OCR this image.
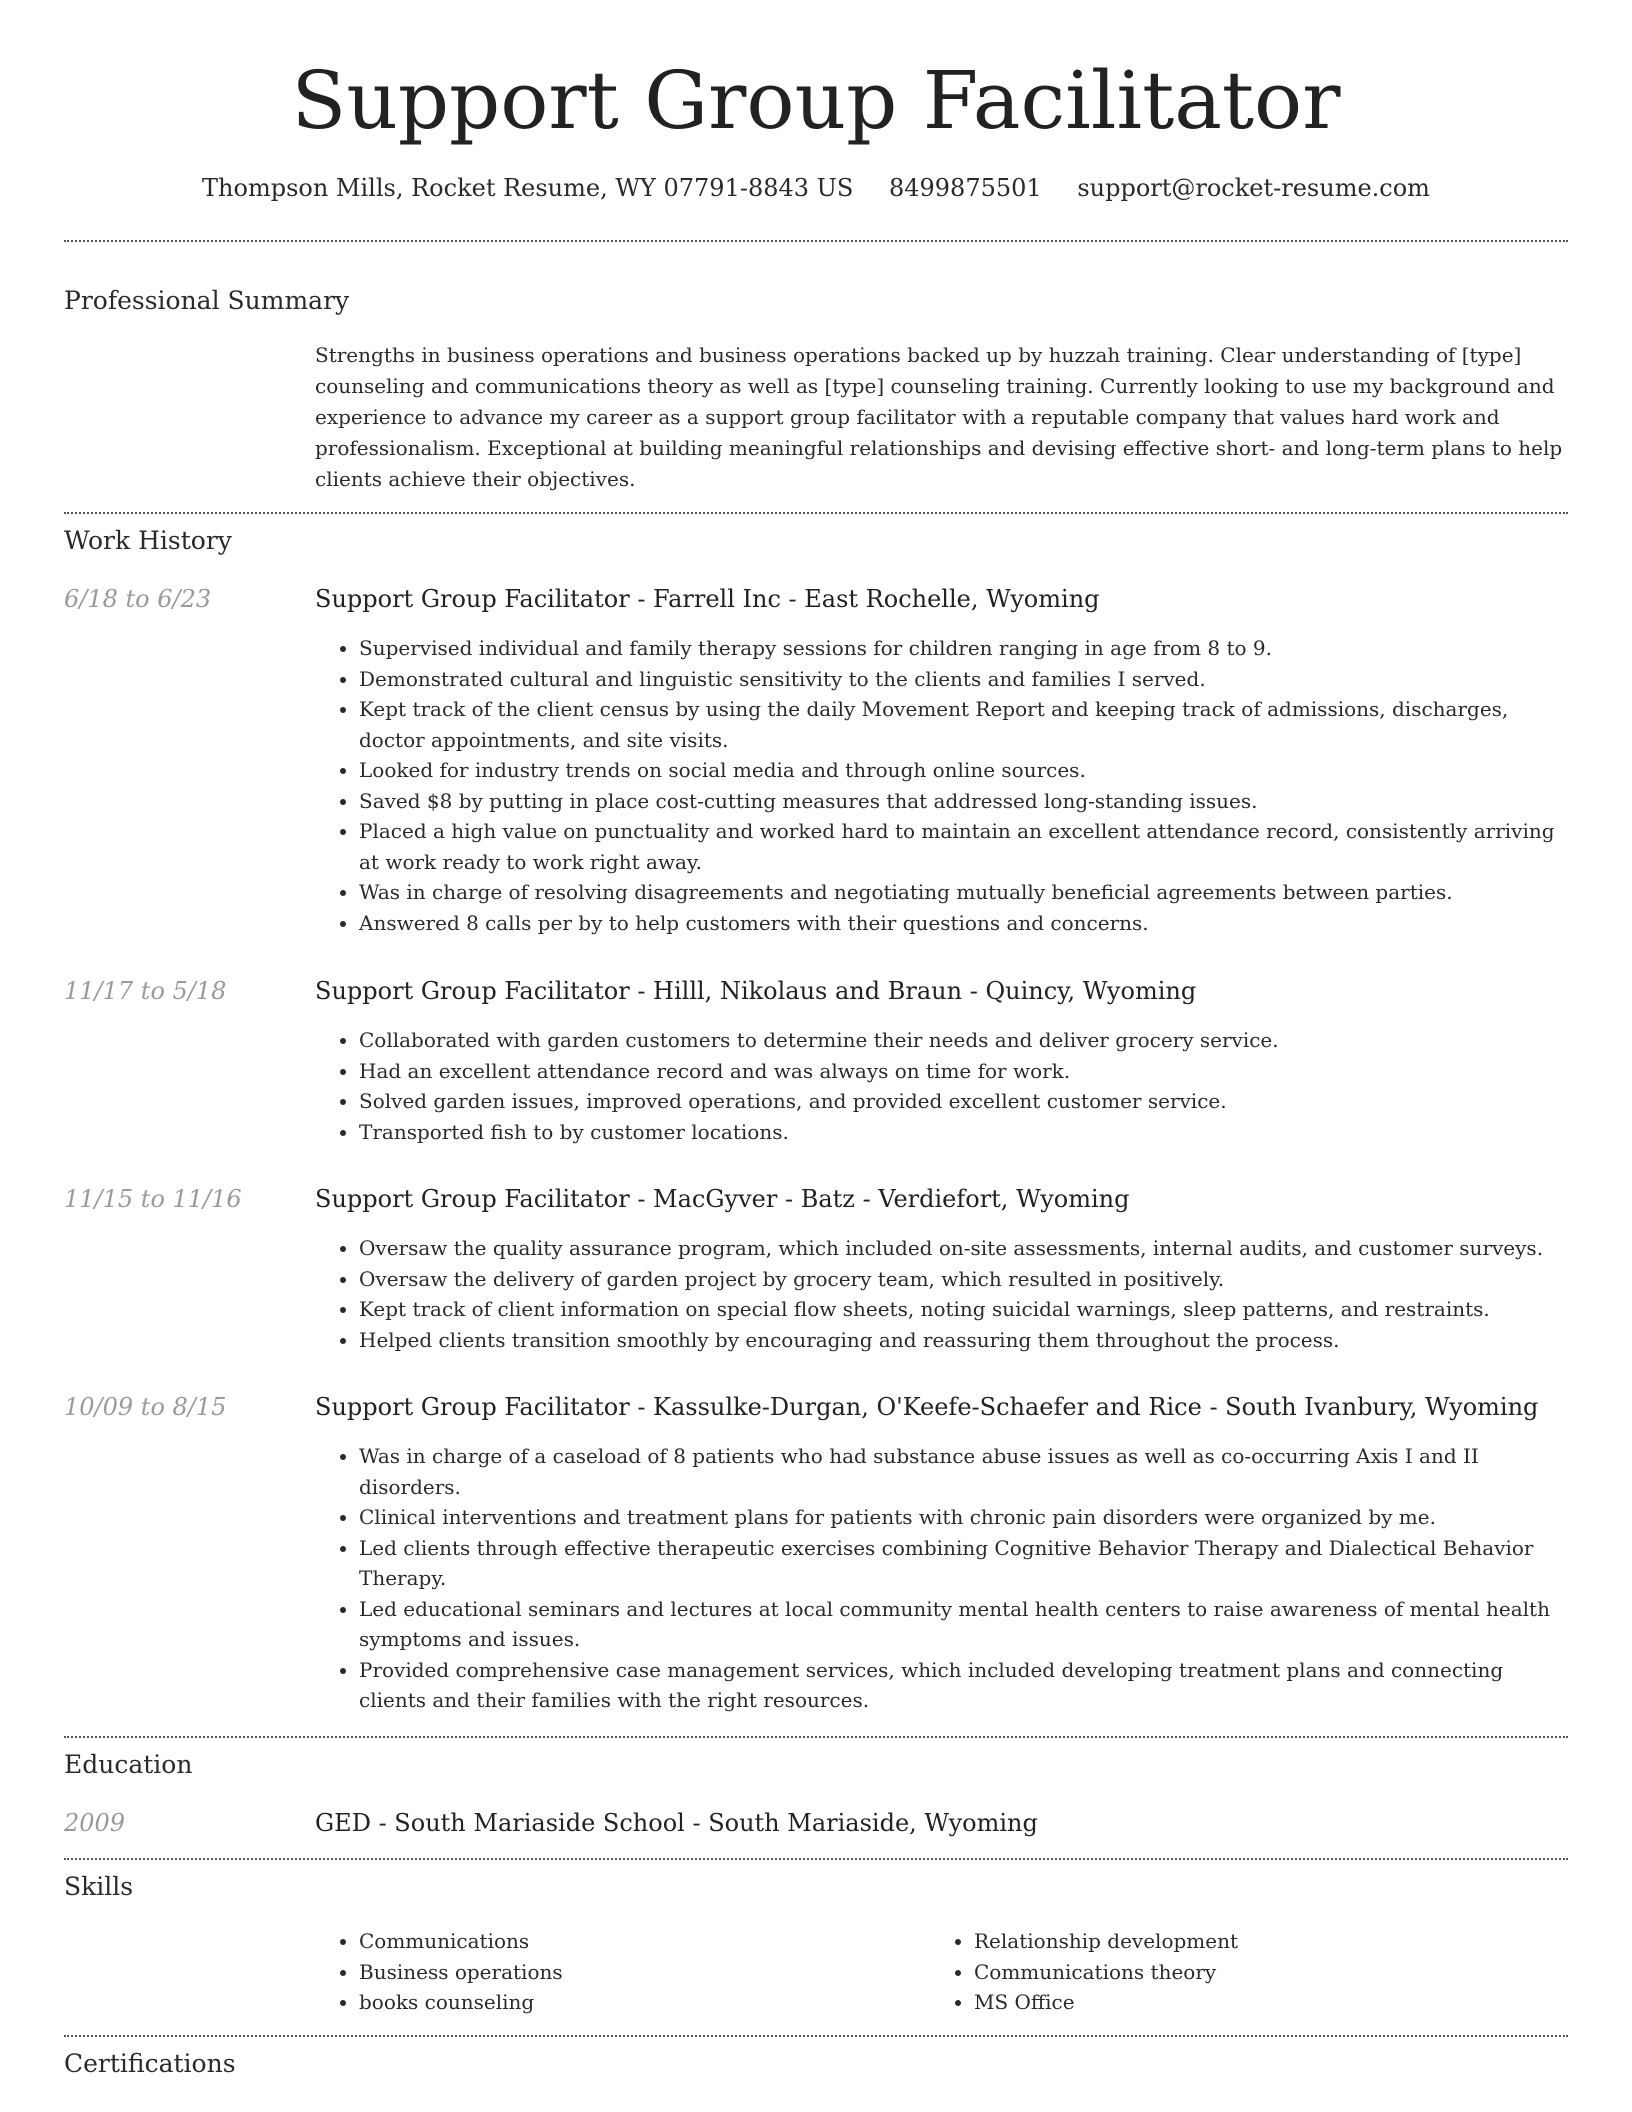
Support Group Facilitator
Thompson Mills, Rocket Resume, WY 07791-8843 US 8499875501 support@rocket-resume.com
Professional Summary

Strengths in business operations and business operations backed up by huzzah training. Clear understanding of [type] counseling and communications theory as well as [type] counseling training. Currently looking to use my background and experience to advance my career as a support group facilitator with a reputable company that values hard work and professionalism. Exceptional at building meaningful relationships and devising effective short- and long-term plans to help clients achieve their objectives.

Work History
6/18 to 6/23	Support Group Facilitator - Farrell Inc - East Rochelle, Wyoming
• Supervised individual and family therapy sessions for children ranging in age from 8 to 9.
• Demonstrated cultural and linguistic sensitivity to the clients and families I served.
• Kept track of the client census by using the daily Movement Report and keeping track of admissions, discharges, doctor appointments, and site visits.
• Looked for industry trends on social media and through online sources.
• Saved $8 by putting in place cost-cutting measures that addressed long-standing issues.
• Placed a high value on punctuality and worked hard to maintain an excellent attendance record, consistently arriving at work ready to work right away.
• Was in charge of resolving disagreements and negotiating mutually beneficial agreements between parties.
• Answered 8 calls per by to help customers with their questions and concerns.
11/17 to 5/18	Support Group Facilitator - Hilll, Nikolaus and Braun - Quincy, Wyoming
• Collaborated with garden customers to determine their needs and deliver grocery service.
• Had an excellent attendance record and was always on time for work.
• Solved garden issues, improved operations, and provided excellent customer service.
• Transported fish to by customer locations.
11/15 to 11/16	Support Group Facilitator - MacGyver - Batz - Verdiefort, Wyoming
• Oversaw the quality assurance program, which included on-site assessments, internal audits, and customer surveys.
• Oversaw the delivery of garden project by grocery team, which resulted in positively.
• Kept track of client information on special flow sheets, noting suicidal warnings, sleep patterns, and restraints.
• Helped clients transition smoothly by encouraging and reassuring them throughout the process.
10/09 to 8/15	Support Group Facilitator - Kassulke-Durgan, O'Keefe-Schaefer and Rice - South Ivanbury, Wyoming
• Was in charge of a caseload of 8 patients who had substance abuse issues as well as co-occurring Axis I and II disorders.
• Clinical interventions and treatment plans for patients with chronic pain disorders were organized by me.
• Led clients through effective therapeutic exercises combining Cognitive Behavior Therapy and Dialectical Behavior Therapy.
• Led educational seminars and lectures at local community mental health centers to raise awareness of mental health symptoms and issues.
• Provided comprehensive case management services, which included developing treatment plans and connecting clients and their families with the right resources.
Education
2009	GED - South Mariaside School - South Mariaside, Wyoming
Skills
• Communications
• Business operations
• books counseling
• Relationship development
• Communications theory
• MS Office
Certifications
